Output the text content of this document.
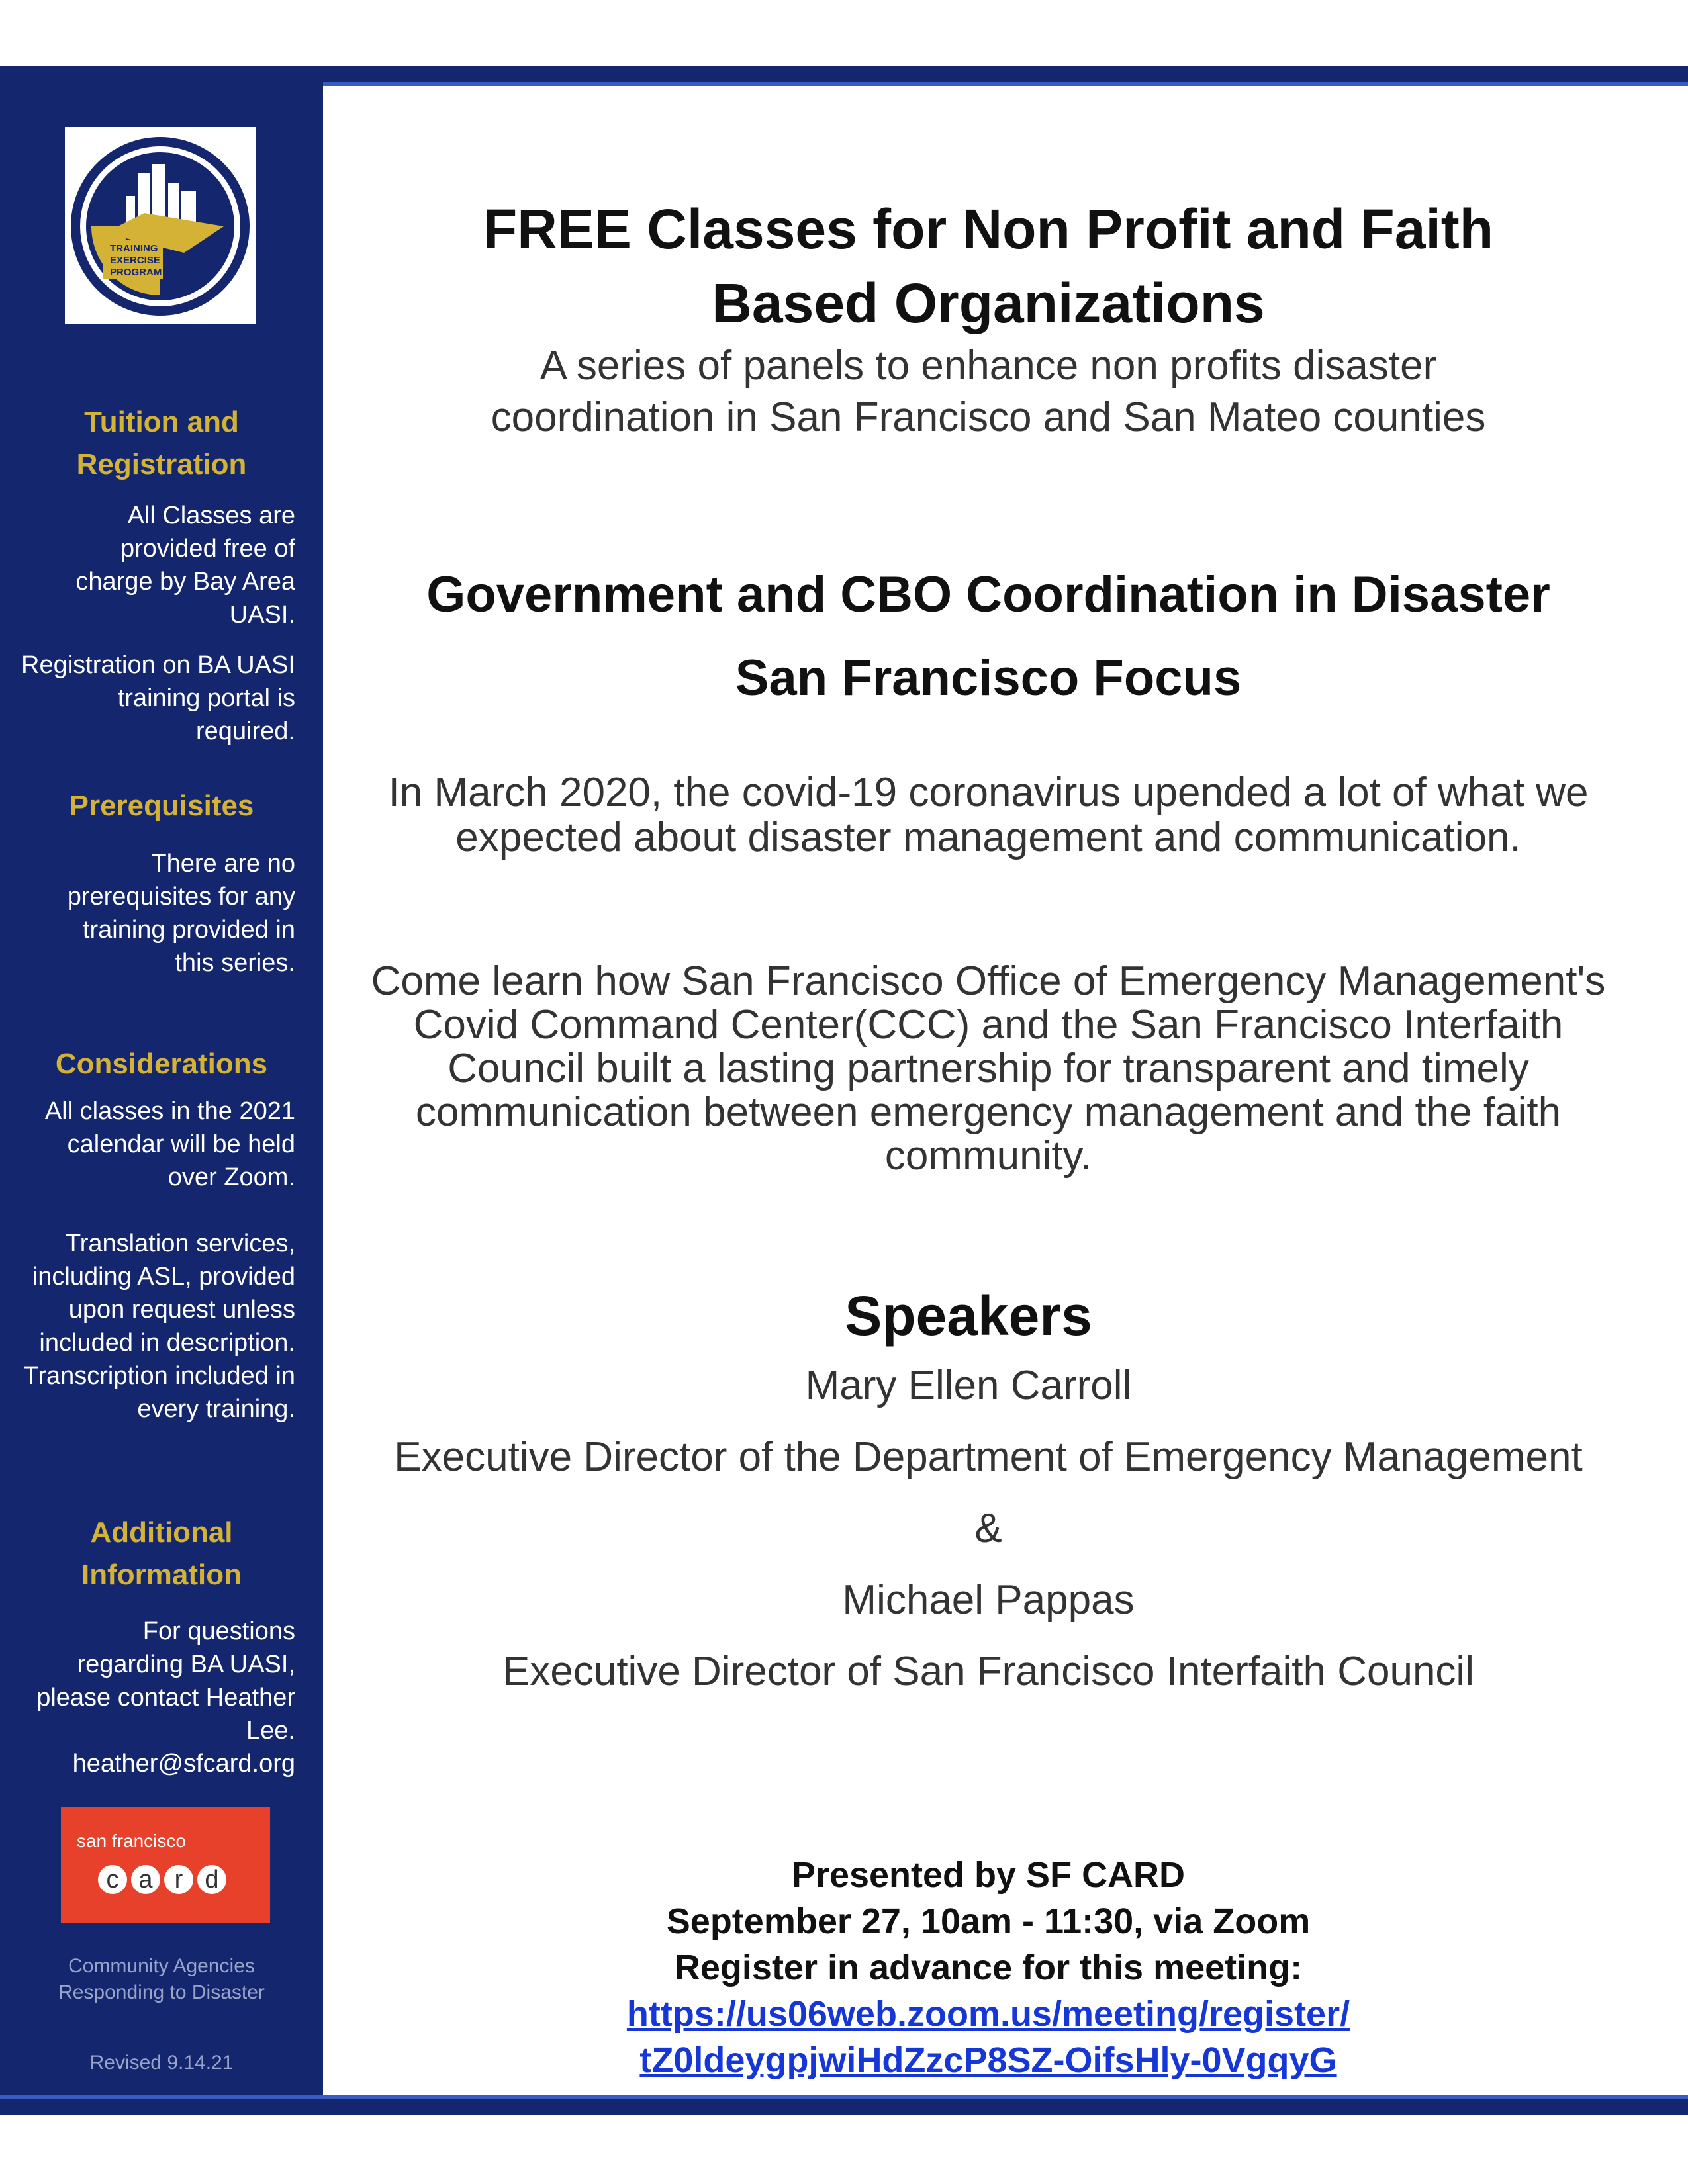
TRAINING
EXERCISE
PROGRAM
Tuition and Registration
All Classes are provided free of charge by Bay Area UASI.
Registration on BA UASI training portal is required.
Prerequisites
There are no prerequisites for any training provided in this series.
Considerations
All classes in the 2021 calendar will be held over Zoom.
Translation services, including ASL, provided upon request unless included in description. Transcription included in every training.
Additional Information
For questions regarding BA UASI, please contact Heather Lee. heather@sfcard.org
san francisco
c a r d
Community Agencies
Responding to Disaster
Revised 9.14.21
FREE Classes for Non Profit and Faith
Based Organizations
A series of panels to enhance non profits disaster
coordination in San Francisco and San Mateo counties
Government and CBO Coordination in Disaster
San Francisco Focus
In March 2020, the covid-19 coronavirus upended a lot of what we
expected about disaster management and communication.
Come learn how San Francisco Office of Emergency Management's
Covid Command Center(CCC) and the San Francisco Interfaith
Council built a lasting partnership for transparent and timely
communication between emergency management and the faith
community.
Speakers
Mary Ellen Carroll
Executive Director of the Department of Emergency Management
&
Michael Pappas
Executive Director of San Francisco Interfaith Council
Presented by SF CARD
September 27, 10am - 11:30, via Zoom
Register in advance for this meeting:
https://us06web.zoom.us/meeting/register/
tZ0ldeygpjwiHdZzcP8SZ-OifsHly-0VgqyG
